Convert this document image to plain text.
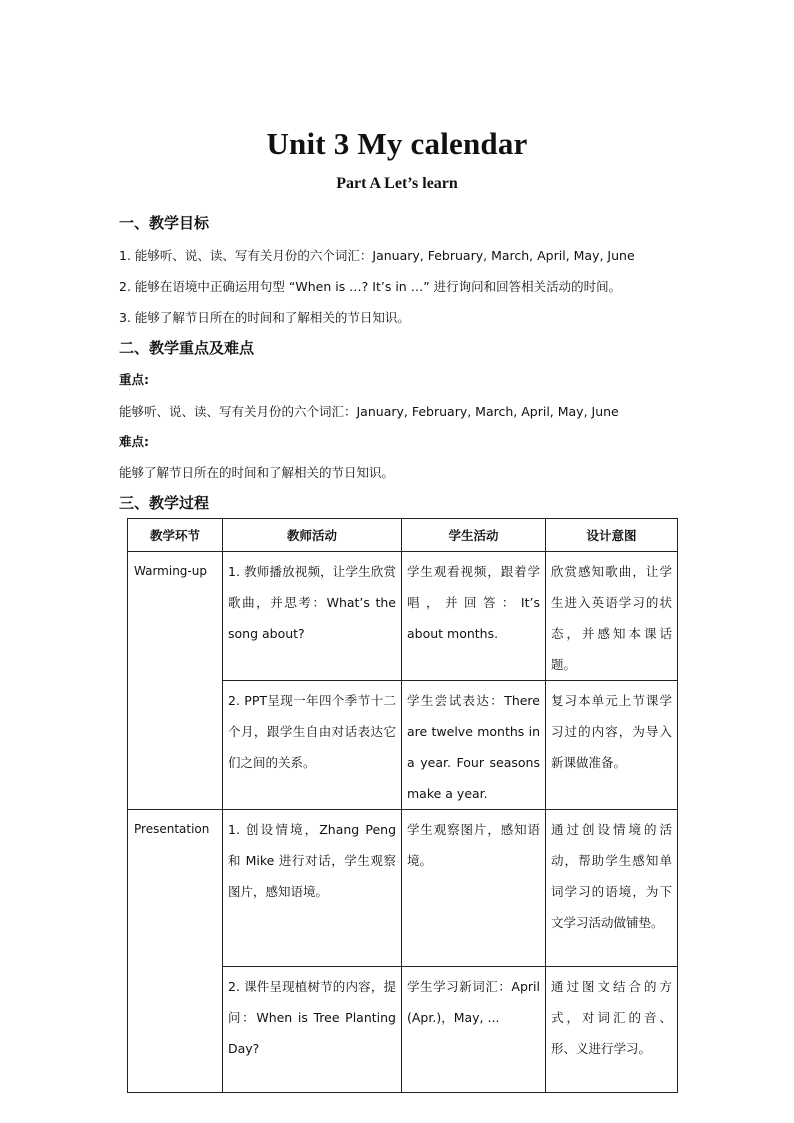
Unit 3 My calendar
Part A Let’s learn
一、教学目标
1. 能够听、说、读、写有关月份的六个词汇：January, February, March, April, May, June
2. 能够在语境中正确运用句型 “When is …? It’s in …” 进行询问和回答相关活动的时间。
3. 能够了解节日所在的时间和了解相关的节日知识。
二、教学重点及难点
重点:
能够听、说、读、写有关月份的六个词汇：January, February, March, April, May, June
难点:
能够了解节日所在的时间和了解相关的节日知识。
三、教学过程
教学环节	教师活动	学生活动	设计意图
Warming-up	1. 教师播放视频，让学生欣赏歌曲，并思考：What’s the song about?	学生观看视频，跟着学唱，并回答：It’s about months.	欣赏感知歌曲，让学生进入英语学习的状态，并感知本课话题。
	2. PPT呈现一年四个季节十二个月，跟学生自由对话表达它们之间的关系。	学生尝试表达：There are twelve months in a year. Four seasons make a year.	复习本单元上节课学习过的内容，为导入新课做准备。
Presentation	1. 创设情境，Zhang Peng 和 Mike 进行对话，学生观察图片，感知语境。	学生观察图片，感知语境。	通过创设情境的活动，帮助学生感知单词学习的语境，为下文学习活动做铺垫。
	2. 课件呈现植树节的内容，提问：When is Tree Planting Day?	学生学习新词汇：April (Apr.)，May, ...	通过图文结合的方式，对词汇的音、形、义进行学习。
